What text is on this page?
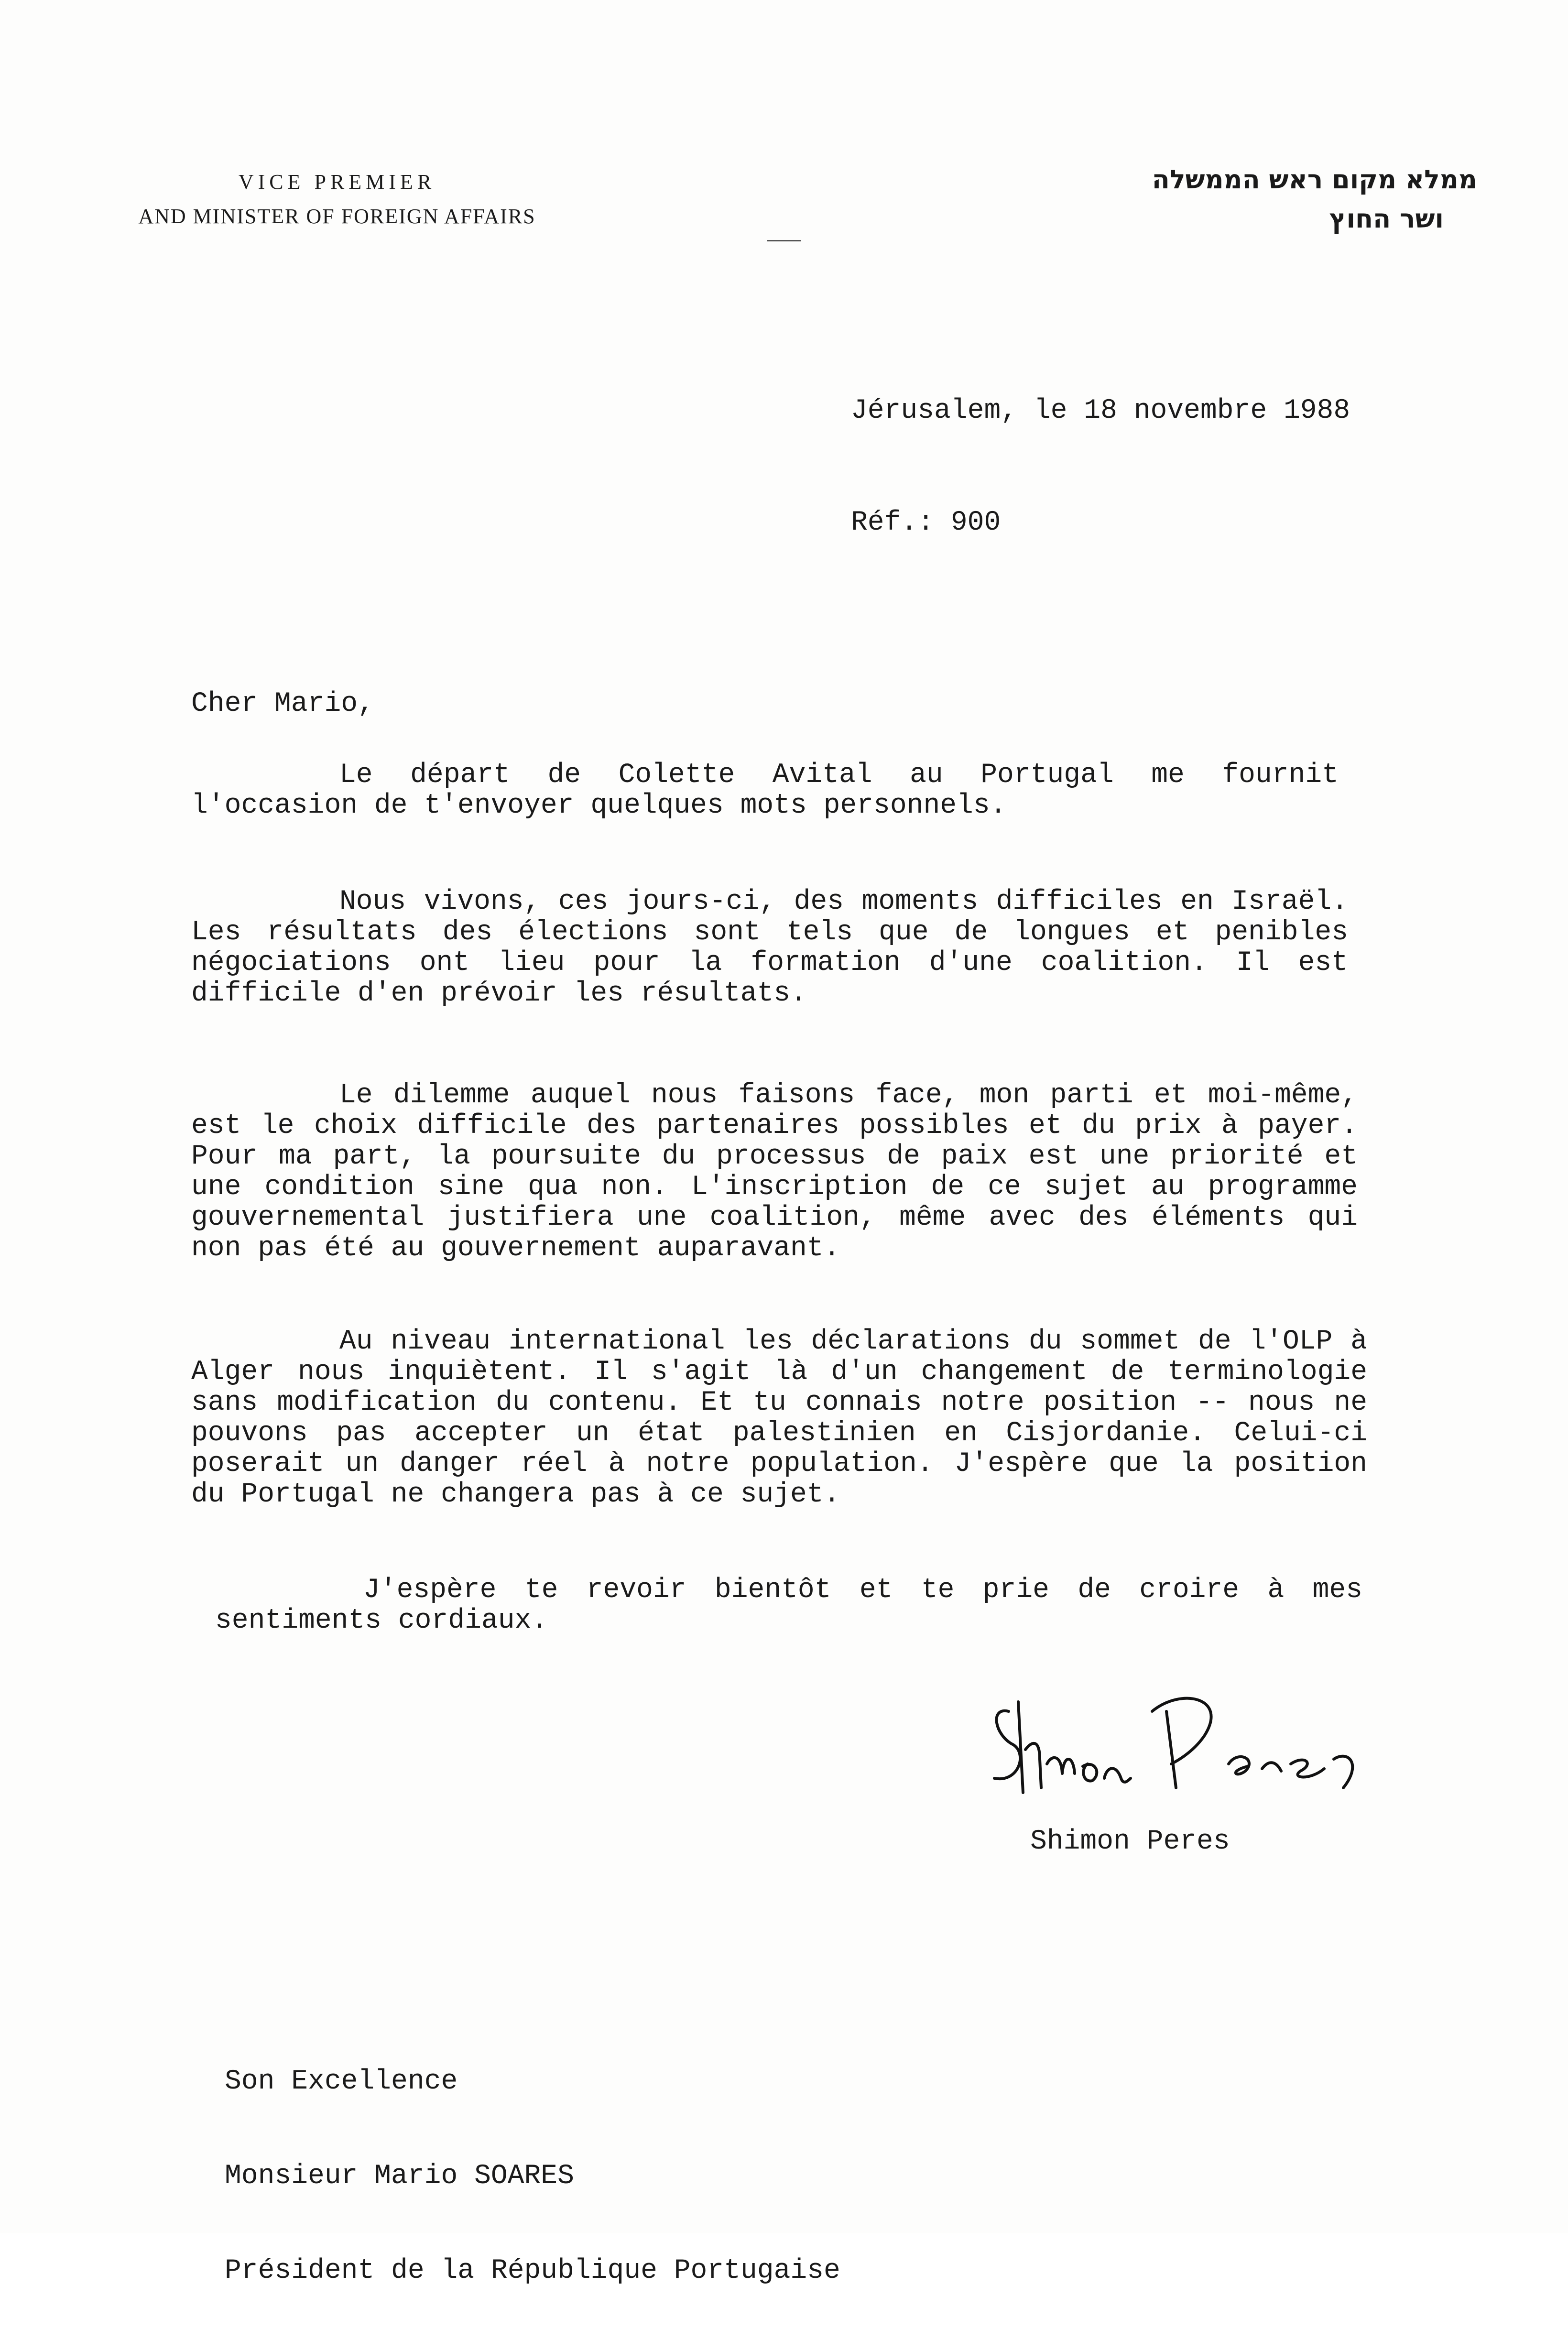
VICE PREMIER
AND MINISTER OF FOREIGN AFFAIRS
ממלא מקום ראש הממשלה
ושר החוץ

Jérusalem, le 18 novembre 1988

Réf.: 900

Cher Mario,

Le départ de Colette Avital au Portugal me fournit l'occasion de t'envoyer quelques mots personnels.

Nous vivons, ces jours-ci, des moments difficiles en Israël. Les résultats des élections sont tels que de longues et penibles négociations ont lieu pour la formation d'une coalition. Il est difficile d'en prévoir les résultats.

Le dilemme auquel nous faisons face, mon parti et moi-même, est le choix difficile des partenaires possibles et du prix à payer. Pour ma part, la poursuite du processus de paix est une priorité et une condition sine qua non. L'inscription de ce sujet au programme gouvernemental justifiera une coalition, même avec des éléments qui non pas été au gouvernement auparavant.

Au niveau international les déclarations du sommet de l'OLP à Alger nous inquiètent. Il s'agit là d'un changement de terminologie sans modification du contenu. Et tu connais notre position -- nous ne pouvons pas accepter un état palestinien en Cisjordanie. Celui-ci poserait un danger réel à notre population. J'espère que la position du Portugal ne changera pas à ce sujet.

J'espère te revoir bientôt et te prie de croire à mes sentiments cordiaux.

Shimon Peres

Son Excellence

Monsieur Mario SOARES

Président de la République Portugaise
